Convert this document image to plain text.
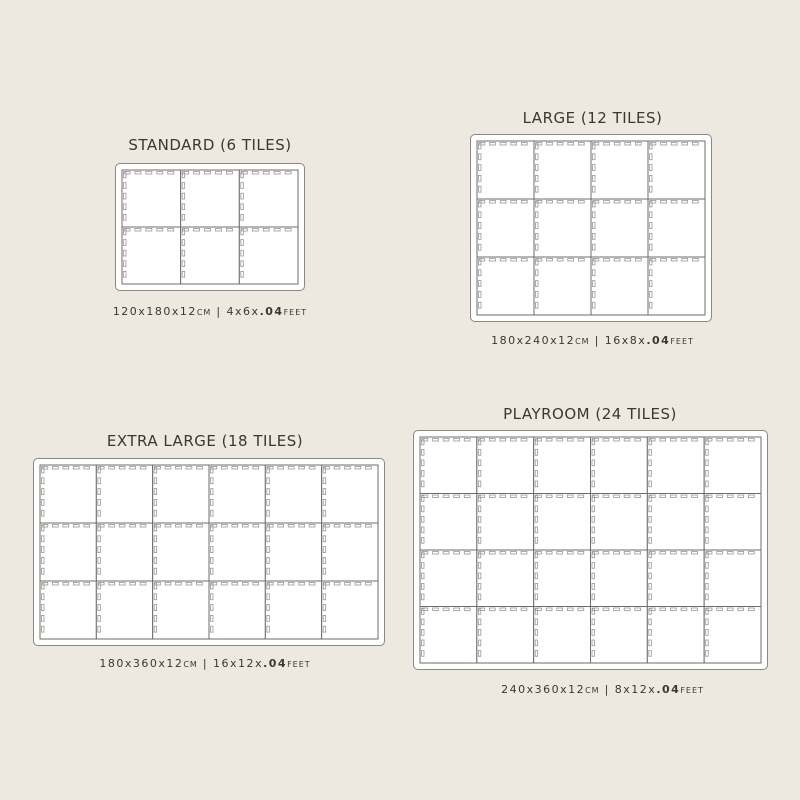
STANDARD (6 TILES)
120x180x12CM | 4x6x.04FEET
LARGE (12 TILES)
180x240x12CM | 16x8x.04FEET
EXTRA LARGE (18 TILES)
180x360x12CM | 16x12x.04FEET
PLAYROOM (24 TILES)
240x360x12CM | 8x12x.04FEET
